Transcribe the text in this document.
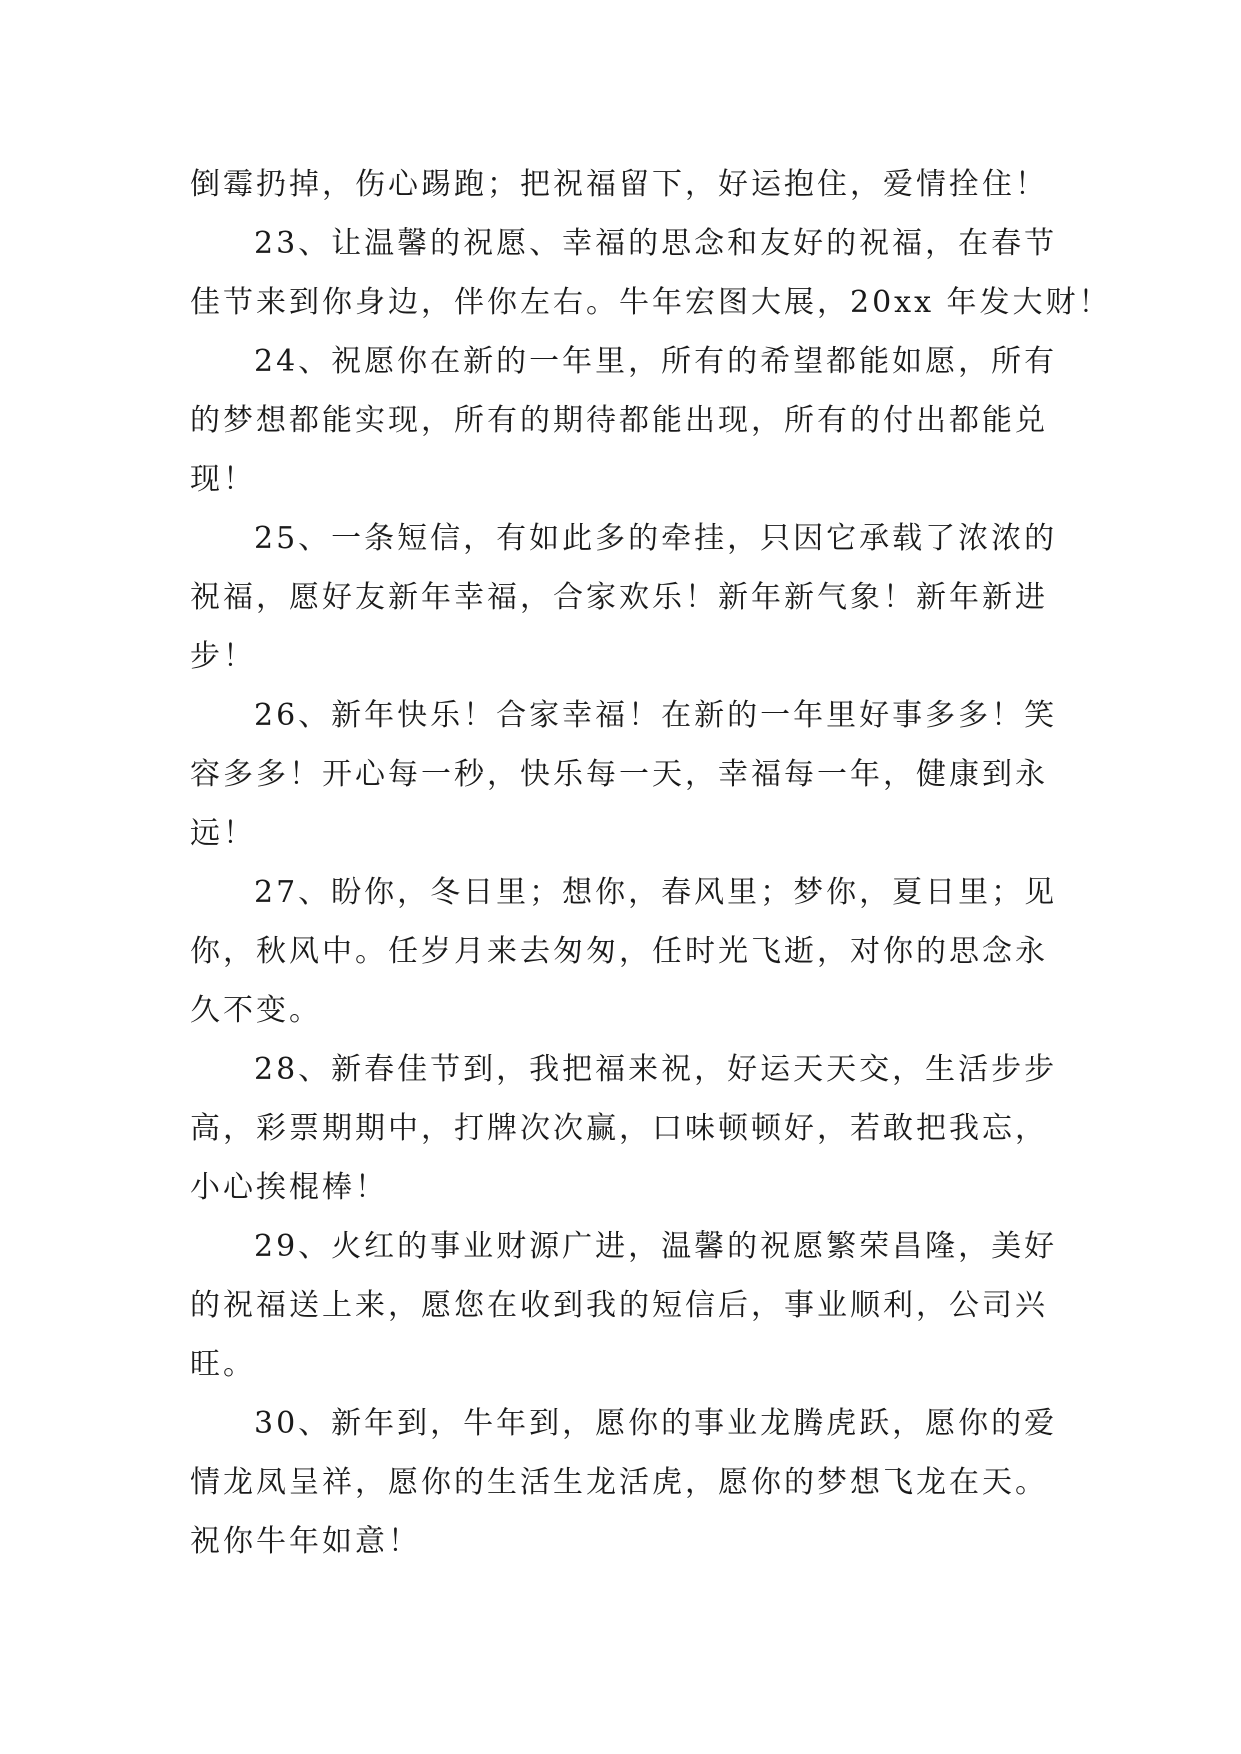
倒霉扔掉，伤心踢跑；把祝福留下，好运抱住，爱情拴住！

23、让温馨的祝愿、幸福的思念和友好的祝福，在春节
佳节来到你身边，伴你左右。牛年宏图大展，20xx 年发大财！

24、祝愿你在新的一年里，所有的希望都能如愿，所有
的梦想都能实现，所有的期待都能出现，所有的付出都能兑
现！

25、一条短信，有如此多的牵挂，只因它承载了浓浓的
祝福，愿好友新年幸福，合家欢乐！新年新气象！新年新进
步！

26、新年快乐！合家幸福！在新的一年里好事多多！笑
容多多！开心每一秒，快乐每一天，幸福每一年，健康到永
远！

27、盼你，冬日里；想你，春风里；梦你，夏日里；见
你，秋风中。任岁月来去匆匆，任时光飞逝，对你的思念永
久不变。

28、新春佳节到，我把福来祝，好运天天交，生活步步
高，彩票期期中，打牌次次赢，口味顿顿好，若敢把我忘，
小心挨棍棒！

29、火红的事业财源广进，温馨的祝愿繁荣昌隆，美好
的祝福送上来，愿您在收到我的短信后，事业顺利，公司兴
旺。

30、新年到，牛年到，愿你的事业龙腾虎跃，愿你的爱
情龙凤呈祥，愿你的生活生龙活虎，愿你的梦想飞龙在天。
祝你牛年如意！
